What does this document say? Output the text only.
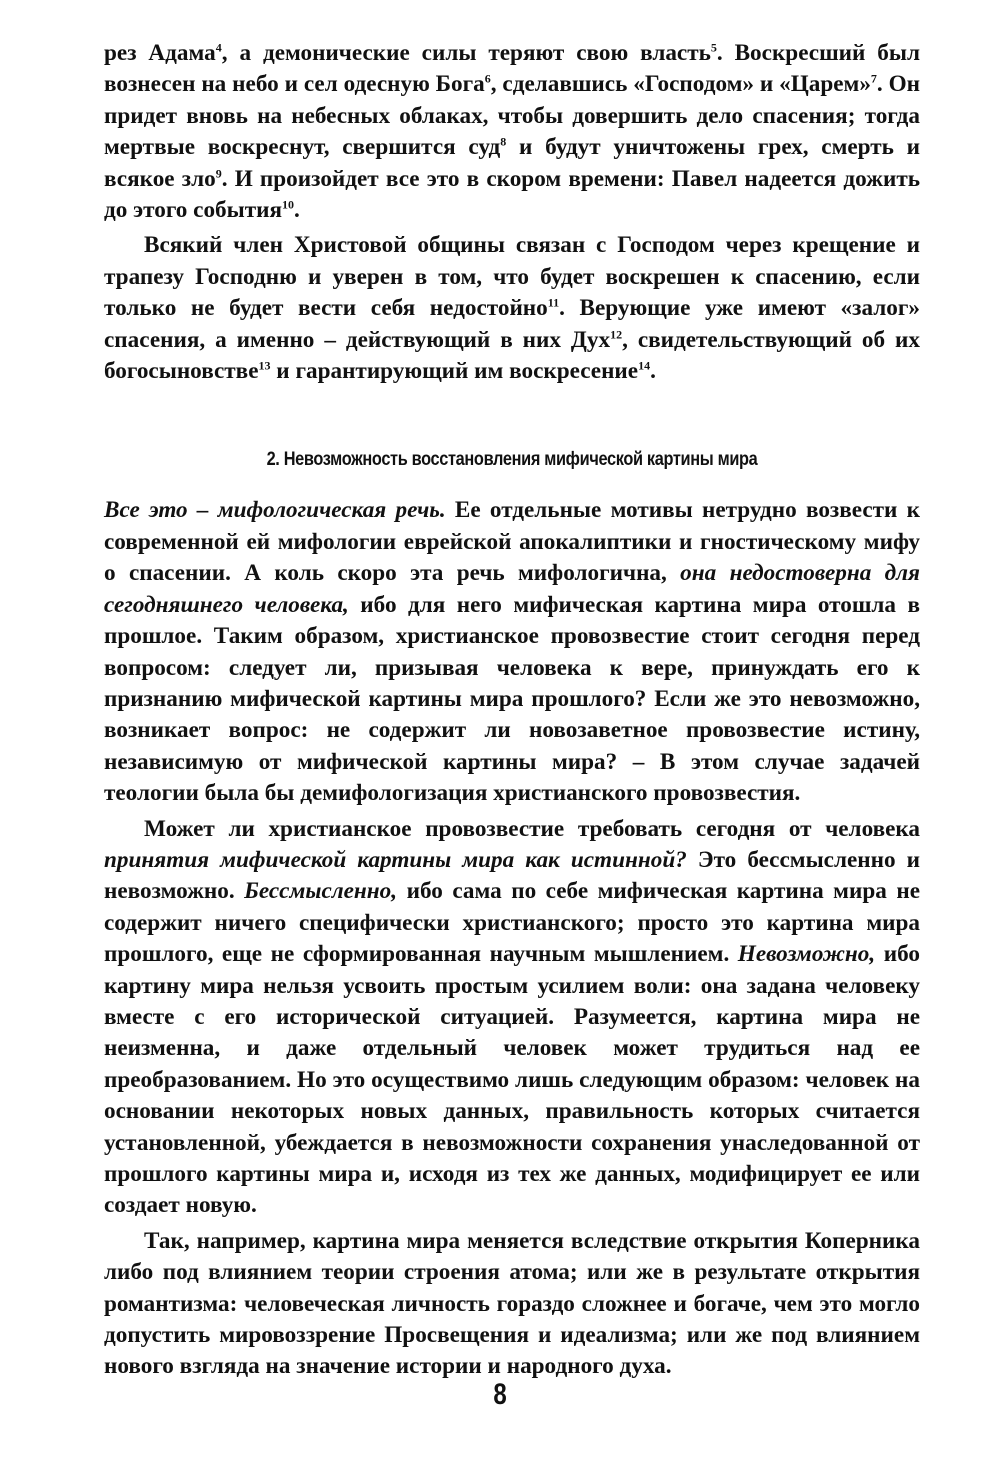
рез Адама$^4$, а демонические силы теряют свою власть$^5$. Воскресший был вознесен на небо и сел одесную Бога$^6$, сделавшись «Господом» и «Царем»$^7$. Он придет вновь на небесных облаках, чтобы довершить дело спасения; тогда мертвые воскреснут, свершится суд$^8$ и будут уничтожены грех, смерть и всякое зло$^9$. И произойдет все это в скором времени: Павел надеется дожить до этого события$^{10}$.

Всякий член Христовой общины связан с Господом через крещение и трапезу Господню и уверен в том, что будет воскрешен к спасению, если только не будет вести себя недостойно$^{11}$. Верующие уже имеют «залог» спасения, а именно – действующий в них Дух$^{12}$, свидетельствующий об их богосыновстве$^{13}$ и гарантирующий им воскресение$^{14}$.

2. Невозможность восстановления мифической картины мира

Все это – мифологическая речь. Ее отдельные мотивы нетрудно возвести к современной ей мифологии еврейской апокалиптики и гностическому мифу о спасении. А коль скоро эта речь мифологична, она недостоверна для сегодняшнего человека, ибо для него мифическая картина мира отошла в прошлое. Таким образом, христианское провозвестие стоит сегодня перед вопросом: следует ли, призывая человека к вере, принуждать его к признанию мифической картины мира прошлого? Если же это невозможно, возникает вопрос: не содержит ли новозаветное провозвестие истину, независимую от мифической картины мира? – В этом случае задачей теологии была бы демифологизация христианского провозвестия.

Может ли христианское провозвестие требовать сегодня от человека принятия мифической картины мира как истинной? Это бессмысленно и невозможно. Бессмысленно, ибо сама по себе мифическая картина мира не содержит ничего специфически христианского; просто это картина мира прошлого, еще не сформированная научным мышлением. Невозможно, ибо картину мира нельзя усвоить простым усилием воли: она задана человеку вместе с его исторической ситуацией. Разумеется, картина мира не неизменна, и даже отдельный человек может трудиться над ее преобразованием. Но это осуществимо лишь следующим образом: человек на основании некоторых новых данных, правильность которых считается установленной, убеждается в невозможности сохранения унаследованной от прошлого картины мира и, исходя из тех же данных, модифицирует ее или создает новую.

Так, например, картина мира меняется вследствие открытия Коперника либо под влиянием теории строения атома; или же в результате открытия романтизма: человеческая личность гораздо сложнее и богаче, чем это могло допустить мировоззрение Просвещения и идеализма; или же под влиянием нового взгляда на значение истории и народного духа.

8
